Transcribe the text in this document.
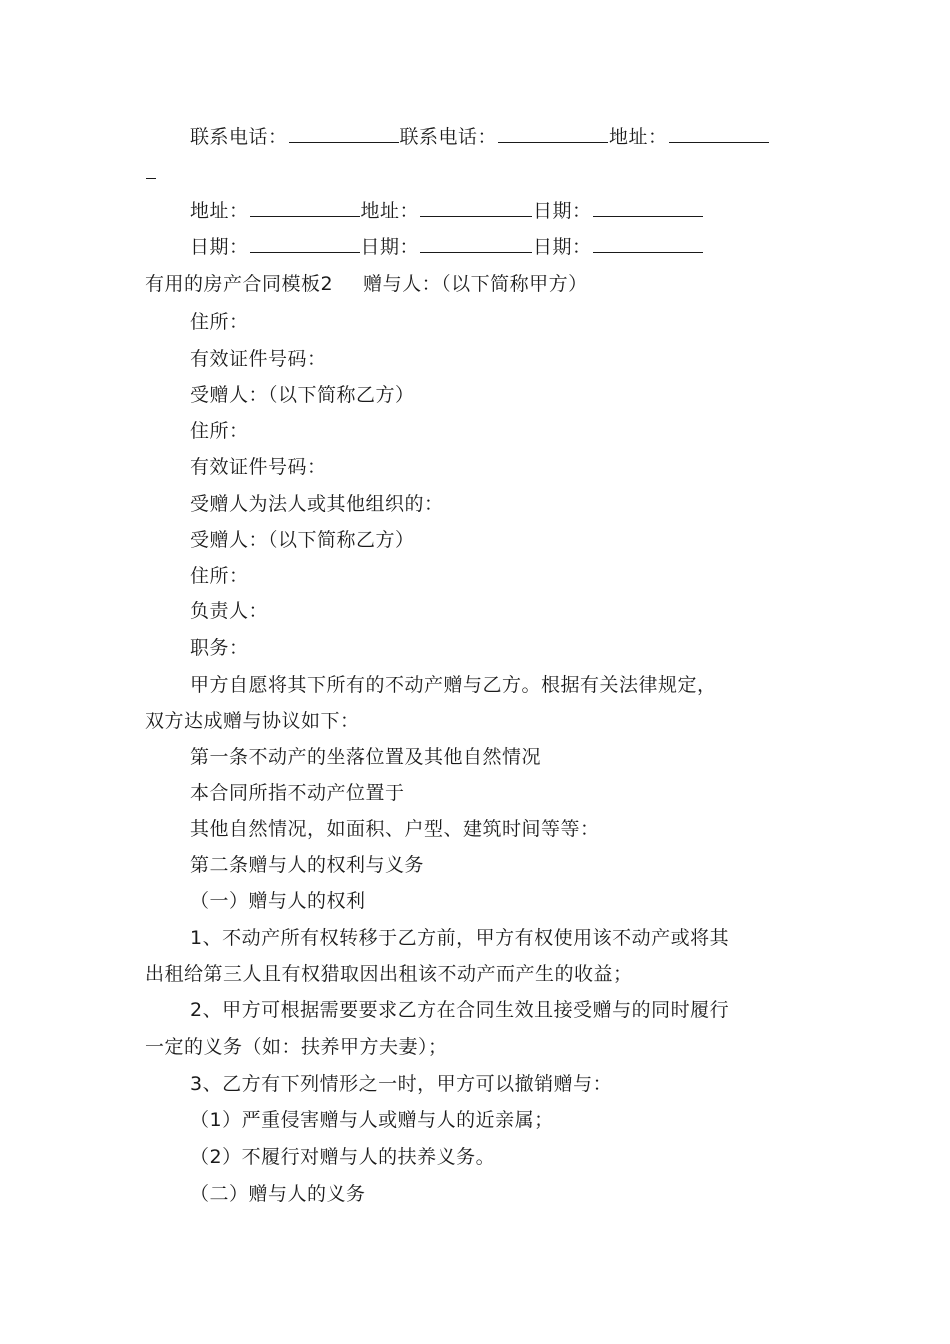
联系电话：	联系电话：	地址：
地址：	地址：	日期：
日期：	日期：	日期：
有用的房产合同模板2 赠与人：（以下简称甲方）
住所：
有效证件号码：
受赠人：（以下简称乙方）
住所：
有效证件号码：
受赠人为法人或其他组织的：
受赠人：（以下简称乙方）
住所：
负责人：
职务：
甲方自愿将其下所有的不动产赠与乙方。根据有关法律规定，
双方达成赠与协议如下：
第一条不动产的坐落位置及其他自然情况
本合同所指不动产位置于
其他自然情况，如面积、户型、建筑时间等等：
第二条赠与人的权利与义务
（一）赠与人的权利
1、不动产所有权转移于乙方前，甲方有权使用该不动产或将其
出租给第三人且有权猎取因出租该不动产而产生的收益；
2、甲方可根据需要要求乙方在合同生效且接受赠与的同时履行
一定的义务（如：扶养甲方夫妻）；
3、乙方有下列情形之一时，甲方可以撤销赠与：
（1）严重侵害赠与人或赠与人的近亲属；
（2）不履行对赠与人的扶养义务。
（二）赠与人的义务
